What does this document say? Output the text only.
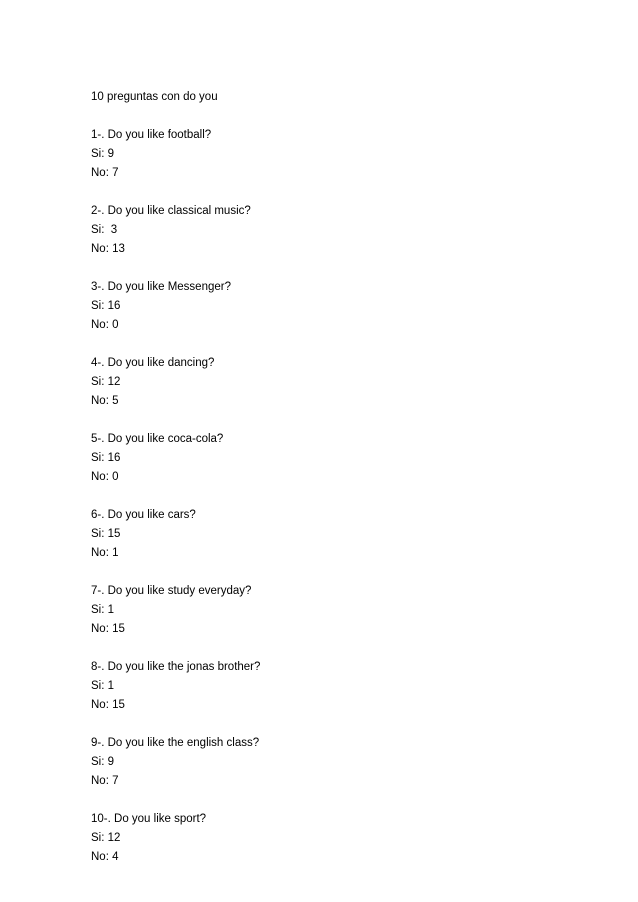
10 preguntas con do you
1-. Do you like football?
Si: 9
No: 7
2-. Do you like classical music?
Si:  3
No: 13
3-. Do you like Messenger?
Si: 16
No: 0
4-. Do you like dancing?
Si: 12
No: 5
5-. Do you like coca-cola?
Si: 16
No: 0
6-. Do you like cars?
Si: 15
No: 1
7-. Do you like study everyday?
Si: 1
No: 15
8-. Do you like the jonas brother?
Si: 1
No: 15
9-. Do you like the english class?
Si: 9
No: 7
10-. Do you like sport?
Si: 12
No: 4
